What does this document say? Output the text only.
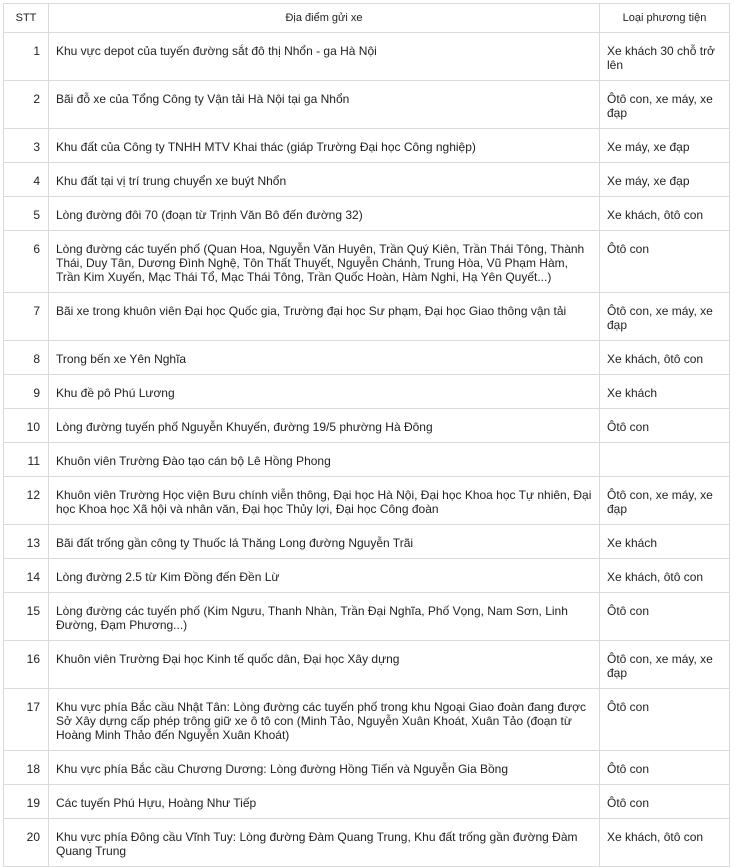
STT	Địa điểm gửi xe	Loại phương tiện
1	Khu vực depot của tuyến đường sắt đô thị Nhổn - ga Hà Nội	Xe khách 30 chỗ trở lên
2	Bãi đỗ xe của Tổng Công ty Vận tải Hà Nội tại ga Nhổn	Ôtô con, xe máy, xe đạp
3	Khu đất của Công ty TNHH MTV Khai thác (giáp Trường Đại học Công nghiệp)	Xe máy, xe đạp
4	Khu đất tại vị trí trung chuyển xe buýt Nhổn	Xe máy, xe đạp
5	Lòng đường đôi 70 (đoạn từ Trịnh Văn Bô đến đường 32)	Xe khách, ôtô con
6	Lòng đường các tuyến phố (Quan Hoa, Nguyễn Văn Huyên, Trần Quý Kiên, Trần Thái Tông, Thành Thái, Duy Tân, Dương Đình Nghệ, Tôn Thất Thuyết, Nguyễn Chánh, Trung Hòa, Vũ Phạm Hàm, Trần Kim Xuyến, Mạc Thái Tổ, Mạc Thái Tông, Trần Quốc Hoàn, Hàm Nghi, Hạ Yên Quyết...)	Ôtô con
7	Bãi xe trong khuôn viên Đại học Quốc gia, Trường đại học Sư phạm, Đại học Giao thông vận tải	Ôtô con, xe máy, xe đạp
8	Trong bến xe Yên Nghĩa	Xe khách, ôtô con
9	Khu đề pô Phú Lương	Xe khách
10	Lòng đường tuyến phố Nguyễn Khuyến, đường 19/5 phường Hà Đông	Ôtô con
11	Khuôn viên Trường Đào tạo cán bộ Lê Hồng Phong	
12	Khuôn viên Trường Học viện Bưu chính viễn thông, Đại học Hà Nội, Đại học Khoa học Tự nhiên, Đại học Khoa học Xã hội và nhân văn, Đại học Thủy lợi, Đại học Công đoàn	Ôtô con, xe máy, xe đạp
13	Bãi đất trống gần công ty Thuốc lá Thăng Long đường Nguyễn Trãi	Xe khách
14	Lòng đường 2.5 từ Kim Đồng đến Đền Lừ	Xe khách, ôtô con
15	Lòng đường các tuyến phố (Kim Ngưu, Thanh Nhàn, Trần Đại Nghĩa, Phố Vọng, Nam Sơn, Linh Đường, Đạm Phương...)	Ôtô con
16	Khuôn viên Trường Đại học Kinh tế quốc dân, Đại học Xây dựng	Ôtô con, xe máy, xe đạp
17	Khu vực phía Bắc cầu Nhật Tân: Lòng đường các tuyến phố trong khu Ngoại Giao đoàn đang được Sở Xây dựng cấp phép trông giữ xe ô tô con (Minh Tảo, Nguyễn Xuân Khoát, Xuân Tảo (đoạn từ Hoàng Minh Thảo đến Nguyễn Xuân Khoát)	Ôtô con
18	Khu vực phía Bắc cầu Chương Dương: Lòng đường Hồng Tiến và Nguyễn Gia Bồng	Ôtô con
19	Các tuyến Phú Hựu, Hoàng Như Tiếp	Ôtô con
20	Khu vực phía Đông cầu Vĩnh Tuy: Lòng đường Đàm Quang Trung, Khu đất trống gần đường Đàm Quang Trung	Xe khách, ôtô con
